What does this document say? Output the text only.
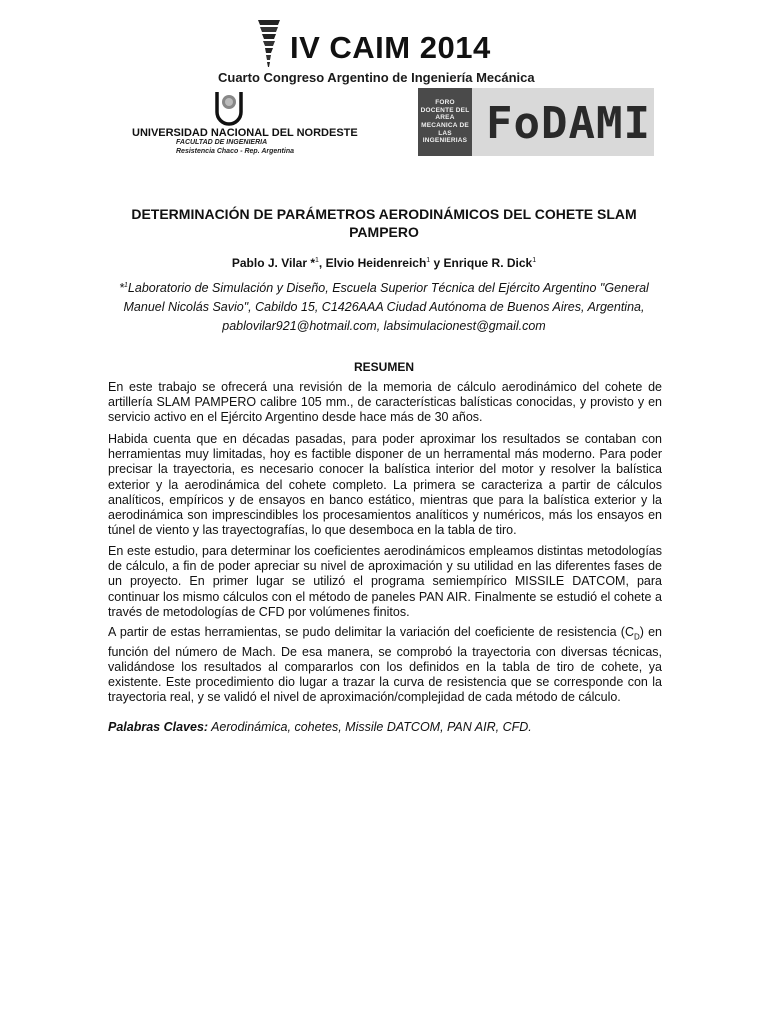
IV CAIM 2014
Cuarto Congreso Argentino de Ingeniería Mecánica
UNIVERSIDAD NACIONAL DEL NORDESTE
FACULTAD DE INGENIERIA
Resistencia Chaco - Rep. Argentina
FORO DOCENTE DEL AREA MECANICA DE LAS INGENIERIAS FoDAMI
DETERMINACIÓN DE PARÁMETROS AERODINÁMICOS DEL COHETE SLAM PAMPERO
Pablo J. Vilar *$^1$, Elvio Heidenreich$^1$ y Enrique R. Dick$^1$
*$^1$Laboratorio de Simulación y Diseño, Escuela Superior Técnica del Ejército Argentino "General
Manuel Nicolás Savio", Cabildo 15, C1426AAA Ciudad Autónoma de Buenos Aires, Argentina,
pablovilar921@hotmail.com, labsimulacionest@gmail.com
RESUMEN
En este trabajo se ofrecerá una revisión de la memoria de cálculo aerodinámico del cohete de artillería SLAM PAMPERO calibre 105 mm., de características balísticas conocidas, y provisto y en servicio activo en el Ejército Argentino desde hace más de 30 años.
Habida cuenta que en décadas pasadas, para poder aproximar los resultados se contaban con herramientas muy limitadas, hoy es factible disponer de un herramental más moderno. Para poder precisar la trayectoria, es necesario conocer la balística interior del motor y resolver la balística exterior y la aerodinámica del cohete completo. La primera se caracteriza a partir de cálculos analíticos, empíricos y de ensayos en banco estático, mientras que para la balística exterior y la aerodinámica son imprescindibles los procesamientos analíticos y numéricos, más los ensayos en túnel de viento y las trayectografías, lo que desemboca en la tabla de tiro.
En este estudio, para determinar los coeficientes aerodinámicos empleamos distintas metodologías de cálculo, a fin de poder apreciar su nivel de aproximación y su utilidad en las diferentes fases de un proyecto. En primer lugar se utilizó el programa semiempírico MISSILE DATCOM, para continuar los mismo cálculos con el método de paneles PAN AIR. Finalmente se estudió el cohete a través de metodologías de CFD por volúmenes finitos.
A partir de estas herramientas, se pudo delimitar la variación del coeficiente de resistencia $(C_D)$ en función del número de Mach. De esa manera, se comprobó la trayectoria con diversas técnicas, validándose los resultados al compararlos con los definidos en la tabla de tiro de cohete, ya existente. Este procedimiento dio lugar a trazar la curva de resistencia que se corresponde con la trayectoria real, y se validó el nivel de aproximación/complejidad de cada método de cálculo.
Palabras Claves: Aerodinámica, cohetes, Missile DATCOM, PAN AIR, CFD.
